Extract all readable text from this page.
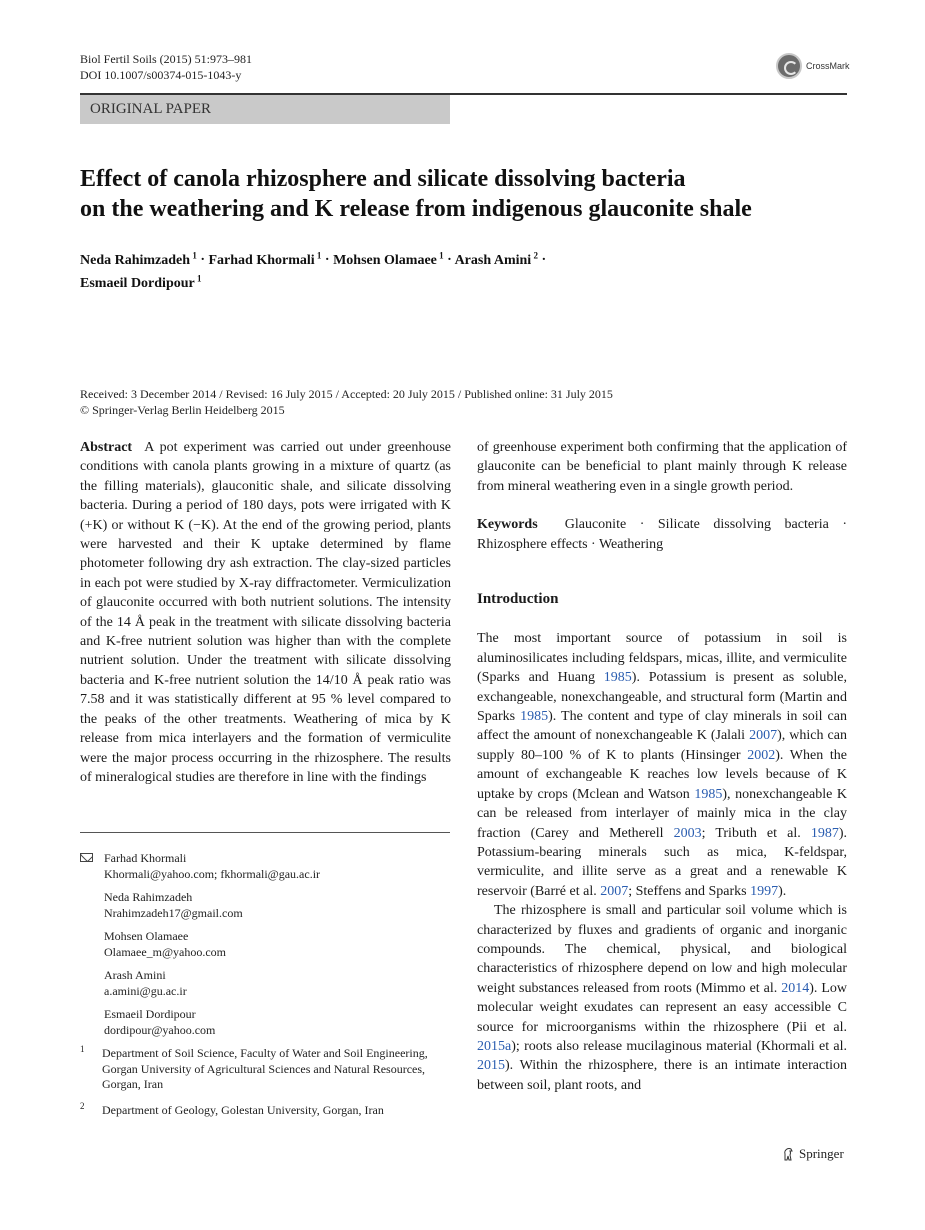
Biol Fertil Soils (2015) 51:973–981
DOI 10.1007/s00374-015-1043-y
CrossMark
ORIGINAL PAPER
Effect of canola rhizosphere and silicate dissolving bacteria
on the weathering and K release from indigenous glauconite shale
Neda Rahimzadeh $^1$ · Farhad Khormali $^1$ · Mohsen Olamaee $^1$ · Arash Amini $^2$ ·
Esmaeil Dordipour $^1$
Received: 3 December 2014 / Revised: 16 July 2015 / Accepted: 20 July 2015 / Published online: 31 July 2015
© Springer-Verlag Berlin Heidelberg 2015

Abstract A pot experiment was carried out under greenhouse conditions with canola plants growing in a mixture of quartz (as the filling materials), glauconitic shale, and silicate dissolving bacteria. During a period of 180 days, pots were irrigated with K (+K) or without K (−K). At the end of the growing period, plants were harvested and their K uptake determined by flame photometer following dry ash extraction. The clay-sized particles in each pot were studied by X-ray diffractometer. Vermiculization of glauconite occurred with both nutrient solutions. The intensity of the 14 Å peak in the treatment with silicate dissolving bacteria and K-free nutrient solution was higher than with the complete nutrient solution. Under the treatment with silicate dissolving bacteria and K-free nutrient solution the 14/10 Å peak ratio was 7.58 and it was statistically different at 95 % level compared to the peaks of the other treatments. Weathering of mica by K release from mica interlayers and the formation of vermiculite were the major process occurring in the rhizosphere. The results of mineralogical studies are therefore in line with the findings

Farhad Khormali
Khormali@yahoo.com; fkhormali@gau.ac.ir
Neda Rahimzadeh
Nrahimzadeh17@gmail.com
Mohsen Olamaee
Olamaee_m@yahoo.com
Arash Amini
a.amini@gu.ac.ir
Esmaeil Dordipour
dordipour@yahoo.com
1 Department of Soil Science, Faculty of Water and Soil Engineering, Gorgan University of Agricultural Sciences and Natural Resources, Gorgan, Iran
2 Department of Geology, Golestan University, Gorgan, Iran

of greenhouse experiment both confirming that the application of glauconite can be beneficial to plant mainly through K release from mineral weathering even in a single growth period.

Keywords Glauconite · Silicate dissolving bacteria · Rhizosphere effects · Weathering

Introduction

The most important source of potassium in soil is aluminosilicates including feldspars, micas, illite, and vermiculite (Sparks and Huang 1985). Potassium is present as soluble, exchangeable, nonexchangeable, and structural form (Martin and Sparks 1985). The content and type of clay minerals in soil can affect the amount of nonexchangeable K (Jalali 2007), which can supply 80–100 % of K to plants (Hinsinger 2002). When the amount of exchangeable K reaches low levels because of K uptake by crops (Mclean and Watson 1985), nonexchangeable K can be released from interlayer of mainly mica in the clay fraction (Carey and Metherell 2003; Tributh et al. 1987). Potassium-bearing minerals such as mica, K-feldspar, vermiculite, and illite serve as a great and a renewable K reservoir (Barré et al. 2007; Steffens and Sparks 1997).

The rhizosphere is small and particular soil volume which is characterized by fluxes and gradients of organic and inorganic compounds. The chemical, physical, and biological characteristics of rhizosphere depend on low and high molecular weight substances released from roots (Mimmo et al. 2014). Low molecular weight exudates can represent an easy accessible C source for microorganisms within the rhizosphere (Pii et al. 2015a); roots also release mucilaginous material (Khormali et al. 2015). Within the rhizosphere, there is an intimate interaction between soil, plant roots, and

Springer
